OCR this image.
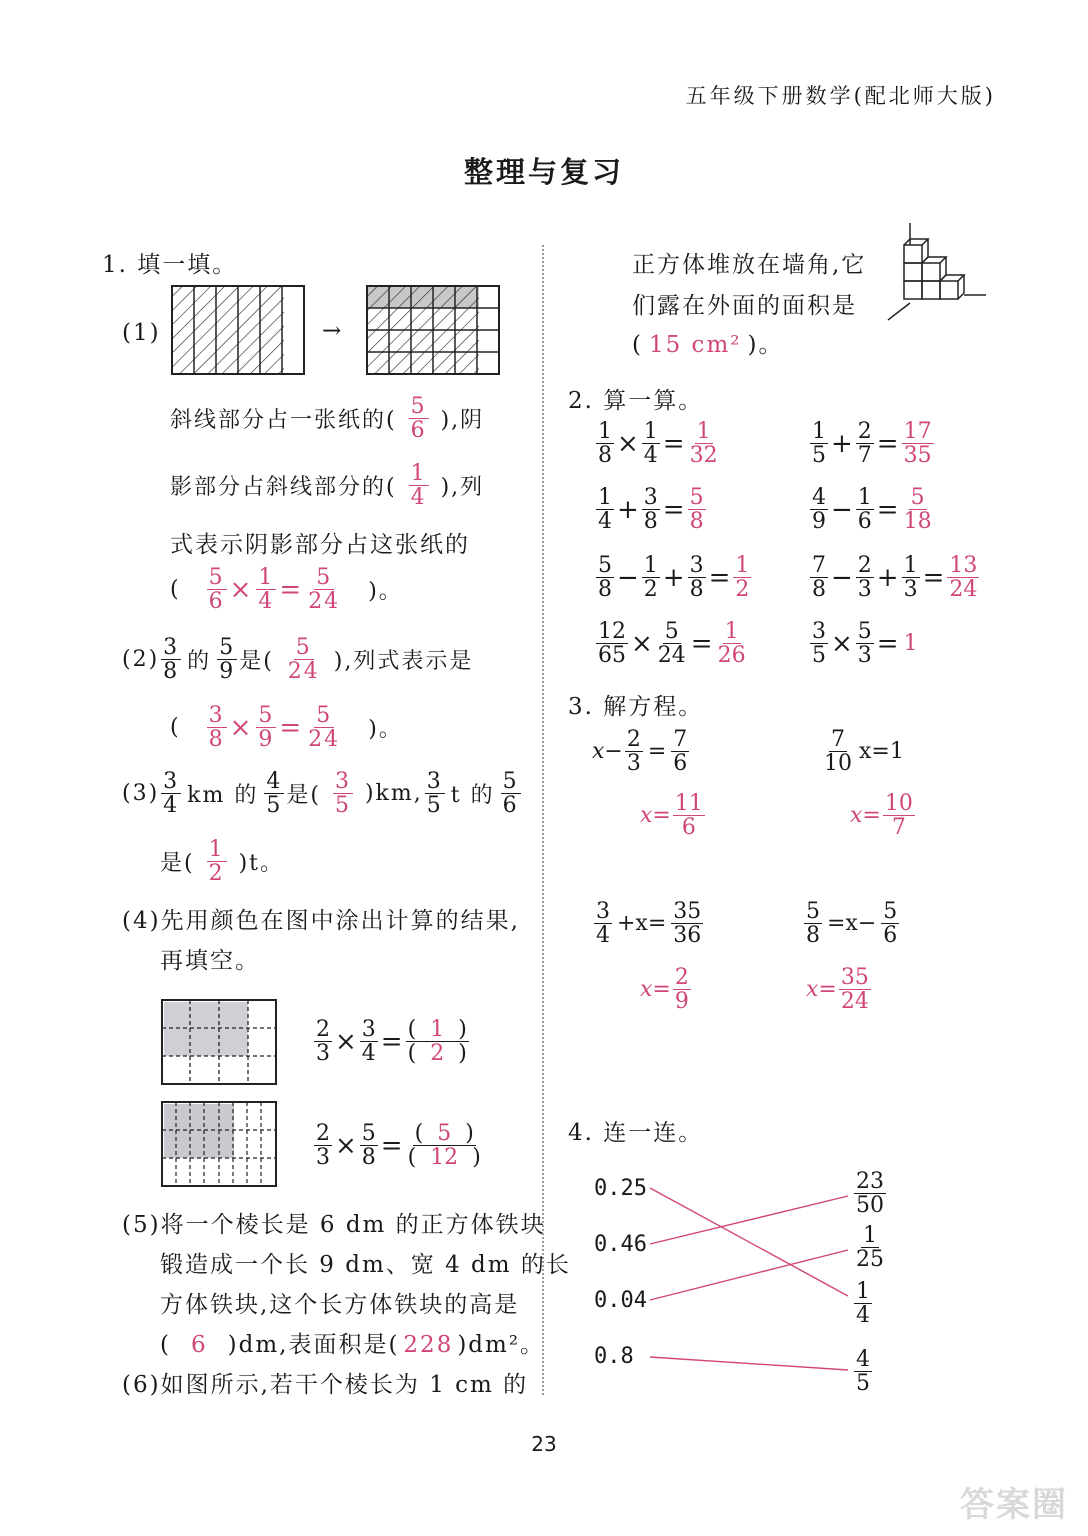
五年级下册数学(配北师大版)
整理与复习
1. 填一填。
(1)	→
斜线部分占一张纸的( $\frac{5}{6}$ ),阴
影部分占斜线部分的( $\frac{1}{4}$ ),列
式表示阴影部分占这张纸的
( $\frac{5}{6} \times \frac{1}{4} = \frac{5}{24}$ )。
$(2) \frac{3}{8}$ 的 $\frac{5}{9}$ 是( $\frac{5}{24}$ ),列式表示是
( $\frac{3}{8} \times \frac{5}{9} = \frac{5}{24}$ )。
$(3) \frac{3}{4}$ km 的 $\frac{4}{5}$ 是( $\frac{3}{5} )km$, $\frac{3}{5}$ t 的 $\frac{5}{6}$
是( $\frac{1}{2} )t$。
(4)先用颜色在图中涂出计算的结果,
再填空。
$\frac{2}{3} \times \frac{3}{4} = \frac{( 1 )}{( 2 )}$
$\frac{2}{3} \times \frac{5}{8} = \frac{( 5 )}{( 12 )}$
(5)将一个棱长是 6 dm 的正方体铁块
锻造成一个长 9 dm、宽 4 dm 的长
方体铁块,这个长方体铁块的高是
( 6 )dm,表面积是( 228 )dm²。
(6)如图所示,若干个棱长为 1 cm 的
正方体堆放在墙角,它
们露在外面的面积是
( 15 cm² )。
2. 算一算。
3. 解方程。
4. 连一连。
23
答案圈
$\frac{1}{8} \times \frac{1}{4} = \frac{1}{32}$	$\frac{1}{5} + \frac{2}{7} = \frac{17}{35}$
$\frac{1}{4} + \frac{3}{8} = \frac{5}{8}$	$\frac{4}{9} - \frac{1}{6} = \frac{5}{18}$
$\frac{5}{8} - \frac{1}{2} + \frac{3}{8} = \frac{1}{2}$	$\frac{7}{8} - \frac{2}{3} + \frac{1}{3} = \frac{13}{24}$
$\frac{12}{65} \times \frac{5}{24} = \frac{1}{26}$	$\frac{3}{5} \times \frac{5}{3} = 1$
$x- \frac{2}{3} = \frac{7}{6}$
$x= \frac{11}{6}$
$\frac{7}{10} x=1$
$x= \frac{10}{7}$
$\frac{3}{4} +x= \frac{35}{36}$
$x= \frac{2}{9}$
$\frac{5}{8} =x- \frac{5}{6}$
$x= \frac{35}{24}$
0.25
0.46
0.04
0.8
$\frac{23}{50}$
$\frac{1}{25}$
$\frac{1}{4}$
$\frac{4}{5}$
